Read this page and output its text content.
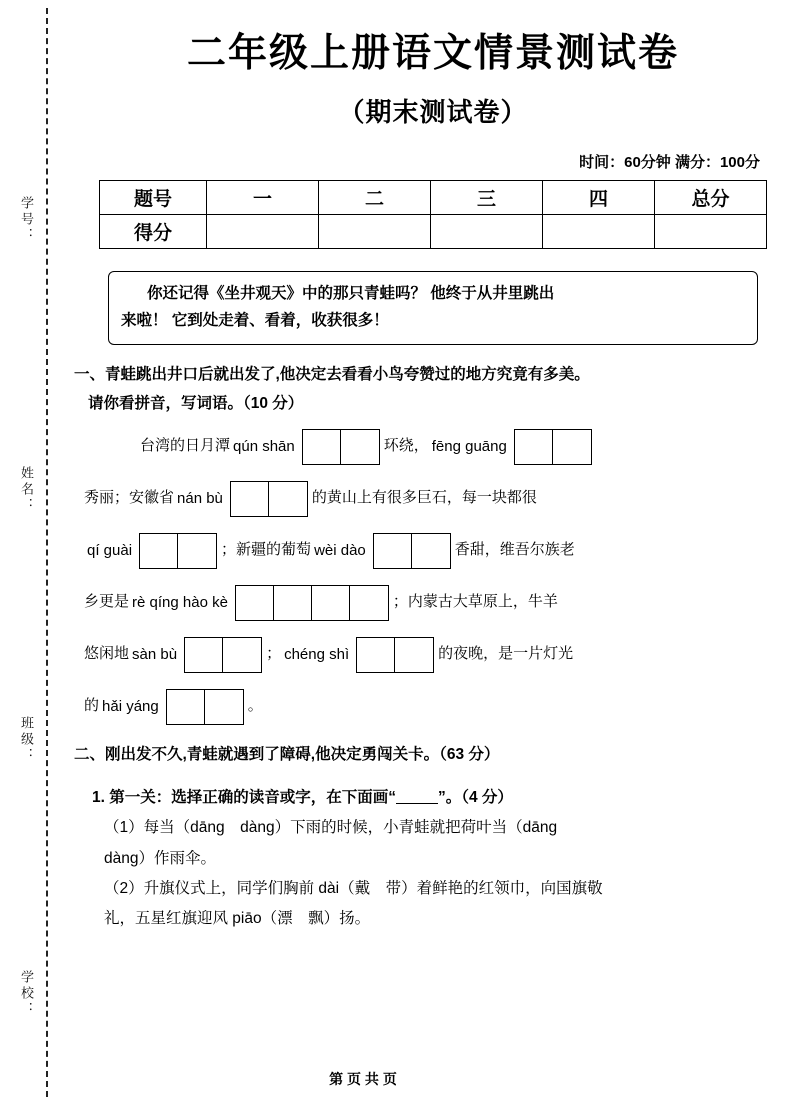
学号：
姓名：
班级：
学校：
二年级上册语文情景测试卷
（期末测试卷）
时间：60分钟 满分：100分
题号	一	二	三	四	总分
得分					
你还记得《坐井观天》中的那只青蛙吗？ 他终于从井里跳出
来啦！ 它到处走着、看着，收获很多！
一、青蛙跳出井口后就出发了,他决定去看看小鸟夸赞过的地方究竟有多美。
请你看拼音，写词语。（10 分）
台湾的日月潭 qún shān	环绕， fēng guāng
秀丽；安徽省 nán bù	的黄山上有很多巨石，每一块都很
qí guài	；新疆的葡萄 wèi dào	香甜，维吾尔族老
乡更是 rè qíng hào kè	；内蒙古大草原上，牛羊
悠闲地 sàn bù	； chéng shì	的夜晚，是一片灯光
的 hǎi yáng	。
二、刚出发不久,青蛙就遇到了障碍,他决定勇闯关卡。（63 分）
1. 第一关：选择正确的读音或字，在下面画“	”。（4 分）
（1）每当（dāng　dàng）下雨的时候，小青蛙就把荷叶当（dāng
dàng）作雨伞。
（2）升旗仪式上，同学们胸前 dài（戴　带）着鲜艳的红领巾，向国旗敬
礼，五星红旗迎风 piāo（漂　飘）扬。
第 页 共 页
